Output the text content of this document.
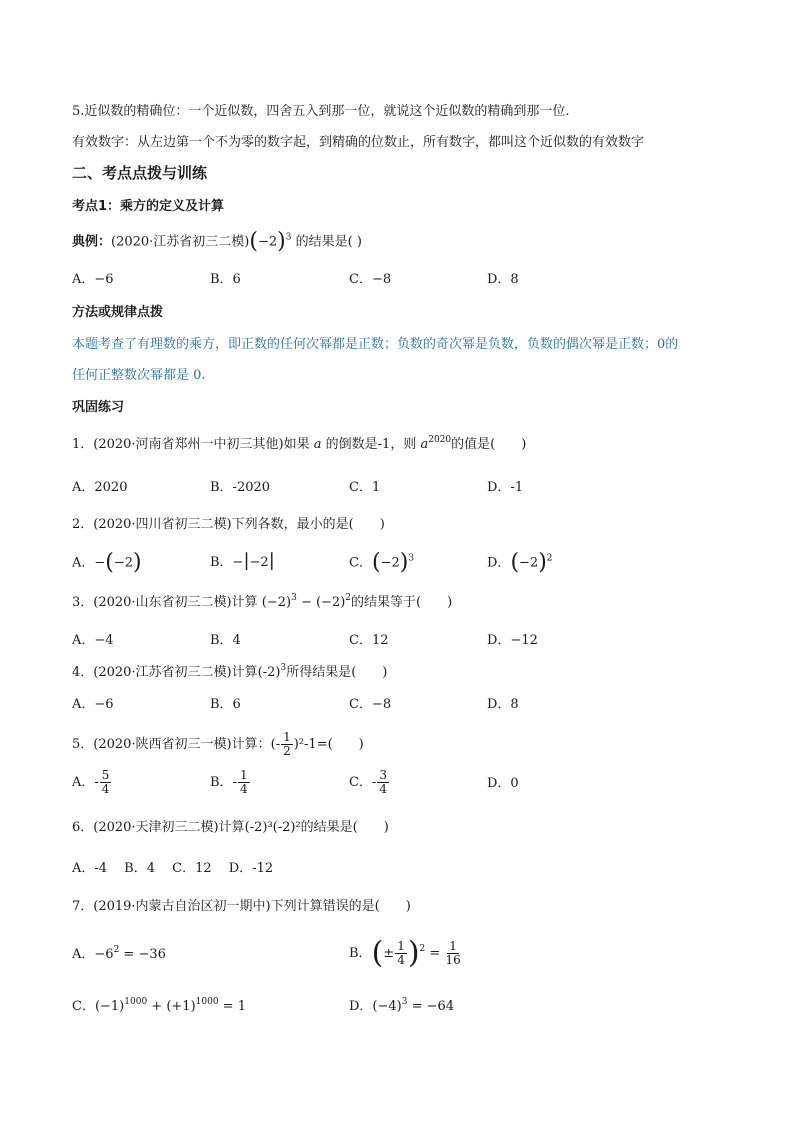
5.近似数的精确位：一个近似数，四舍五入到那一位，就说这个近似数的精确到那一位.
有效数字：从左边第一个不为零的数字起，到精确的位数止，所有数字，都叫这个近似数的有效数字
二、考点点拨与训练
考点1：乘方的定义及计算
典例：(2020·江苏省初三二模)$(-2)^3$ 的结果是( )
A．−6	B．6	C．−8	D．8
方法或规律点拨
本题考查了有理数的乘方，即正数的任何次幂都是正数；负数的奇次幂是负数，负数的偶次幂是正数；0的
任何正整数次幂都是 0.
巩固练习
1．(2020·河南省郑州一中初三其他)如果 a 的倒数是-1，则 $a^{2020}$的值是(　　)
A．2020	B．-2020	C．1	D．-1
2．(2020·四川省初三二模)下列各数，最小的是(　　)
A．−(−2)	B．−|−2|	C．$(-2)^3$	D．$(-2)^2$
3．(2020·山东省初三二模)计算 $(-2)^3 - (-2)^2$的结果等于(　　)
A．−4	B．4	C．12	D．−12
4．(2020·江苏省初三二模)计算$(-2)^3$所得结果是(　　)
A．−6	B．6	C．−8	D．8
5．(2020·陕西省初三一模)计算：(- $\frac{1}{2} )^2-1=$(　　)
A．- $\frac{5}{4}$	B．- $\frac{1}{4}$	C．- $\frac{3}{4}$	D．0
6．(2020·天津初三二模)计算(-2)³(-2)²的结果是(　　)
A．-4　 B．4　 C．12　 D．-12
7．(2019·内蒙古自治区初一期中)下列计算错误的是(　　)
A．$-6^2 = -36$	B．(± $\frac{1}{4} )^2 = \frac{1}{16}$
C．$(-1)^{1000} + (+1)^{1000} = 1$	D．$(-4)^3 = -64$
